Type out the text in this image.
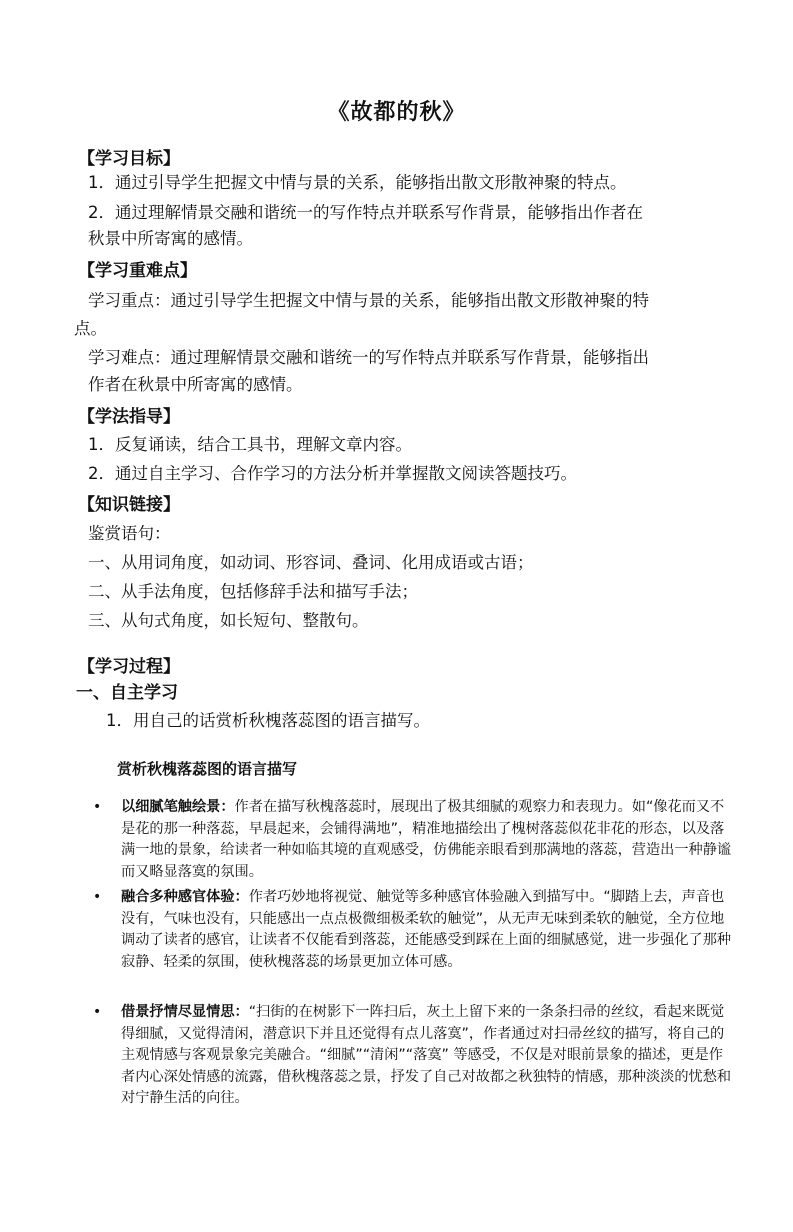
《故都的秋》
【学习目标】
1．通过引导学生把握文中情与景的关系，能够指出散文形散神聚的特点。
2．通过理解情景交融和谐统一的写作特点并联系写作背景，能够指出作者在
秋景中所寄寓的感情。
【学习重难点】
学习重点：通过引导学生把握文中情与景的关系，能够指出散文形散神聚的特
点。
学习难点：通过理解情景交融和谐统一的写作特点并联系写作背景，能够指出
作者在秋景中所寄寓的感情。
【学法指导】
1．反复诵读，结合工具书，理解文章内容。
2．通过自主学习、合作学习的方法分析并掌握散文阅读答题技巧。
【知识链接】
鉴赏语句：
一、从用词角度，如动词、形容词、叠词、化用成语或古语；
二、从手法角度，包括修辞手法和描写手法；
三、从句式角度，如长短句、整散句。
【学习过程】
一、自主学习
1．用自己的话赏析秋槐落蕊图的语言描写。
赏析秋槐落蕊图的语言描写
•	以细腻笔触绘景：作者在描写秋槐落蕊时，展现出了极其细腻的观察力和表现力。如“像花而又不是花的那一种落蕊，早晨起来，会铺得满地”，精准地描绘出了槐树落蕊似花非花的形态，以及落满一地的景象，给读者一种如临其境的直观感受，仿佛能亲眼看到那满地的落蕊，营造出一种静谧而又略显落寞的氛围。
•	融合多种感官体验：作者巧妙地将视觉、触觉等多种感官体验融入到描写中。“脚踏上去，声音也没有，气味也没有，只能感出一点点极微细极柔软的触觉”，从无声无味到柔软的触觉，全方位地调动了读者的感官，让读者不仅能看到落蕊，还能感受到踩在上面的细腻感觉，进一步强化了那种寂静、轻柔的氛围，使秋槐落蕊的场景更加立体可感。
•	借景抒情尽显情思：“扫街的在树影下一阵扫后，灰土上留下来的一条条扫帚的丝纹，看起来既觉得细腻，又觉得清闲，潜意识下并且还觉得有点儿落寞”，作者通过对扫帚丝纹的描写，将自己的主观情感与客观景象完美融合。“细腻”“清闲”“落寞” 等感受，不仅是对眼前景象的描述，更是作者内心深处情感的流露，借秋槐落蕊之景，抒发了自己对故都之秋独特的情感，那种淡淡的忧愁和对宁静生活的向往。
